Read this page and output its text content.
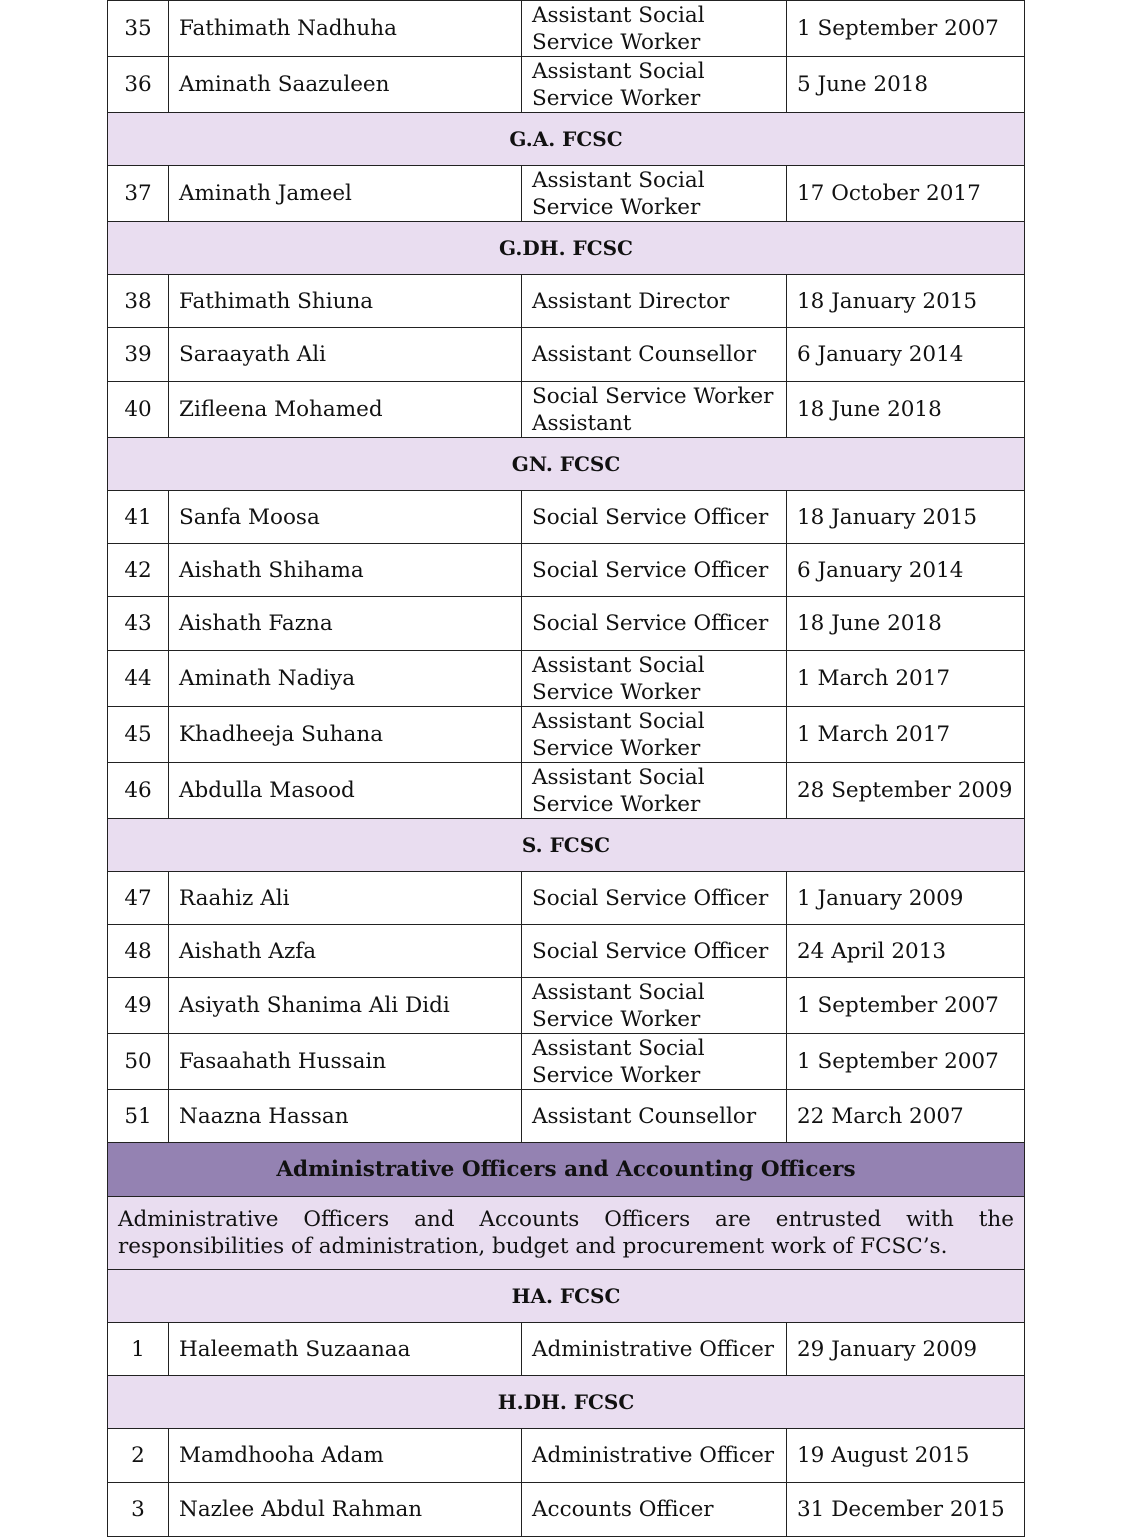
35	Fathimath Nadhuha	Assistant Social Service Worker	1 September 2007
36	Aminath Saazuleen	Assistant Social Service Worker	5 June 2018
G.A. FCSC			
37	Aminath Jameel	Assistant Social Service Worker	17 October 2017
G.DH. FCSC			
38	Fathimath Shiuna	Assistant Director	18 January 2015
39	Saraayath Ali	Assistant Counsellor	6 January 2014
40	Zifleena Mohamed	Social Service Worker Assistant	18 June 2018
GN. FCSC			
41	Sanfa Moosa	Social Service Officer	18 January 2015
42	Aishath Shihama	Social Service Officer	6 January 2014
43	Aishath Fazna	Social Service Officer	18 June 2018
44	Aminath Nadiya	Assistant Social Service Worker	1 March 2017
45	Khadheeja Suhana	Assistant Social Service Worker	1 March 2017
46	Abdulla Masood	Assistant Social Service Worker	28 September 2009
S. FCSC			
47	Raahiz Ali	Social Service Officer	1 January 2009
48	Aishath Azfa	Social Service Officer	24 April 2013
49	Asiyath Shanima Ali Didi	Assistant Social Service Worker	1 September 2007
50	Fasaahath Hussain	Assistant Social Service Worker	1 September 2007
51	Naazna Hassan	Assistant Counsellor	22 March 2007
Administrative Officers and Accounting Officers			
Administrative Officers and Accounts Officers are entrusted with the responsibilities of administration, budget and procurement work of FCSC’s.			
HA. FCSC			
1	Haleemath Suzaanaa	Administrative Officer	29 January 2009
H.DH. FCSC			
2	Mamdhooha Adam	Administrative Officer	19 August 2015
3	Nazlee Abdul Rahman	Accounts Officer	31 December 2015
